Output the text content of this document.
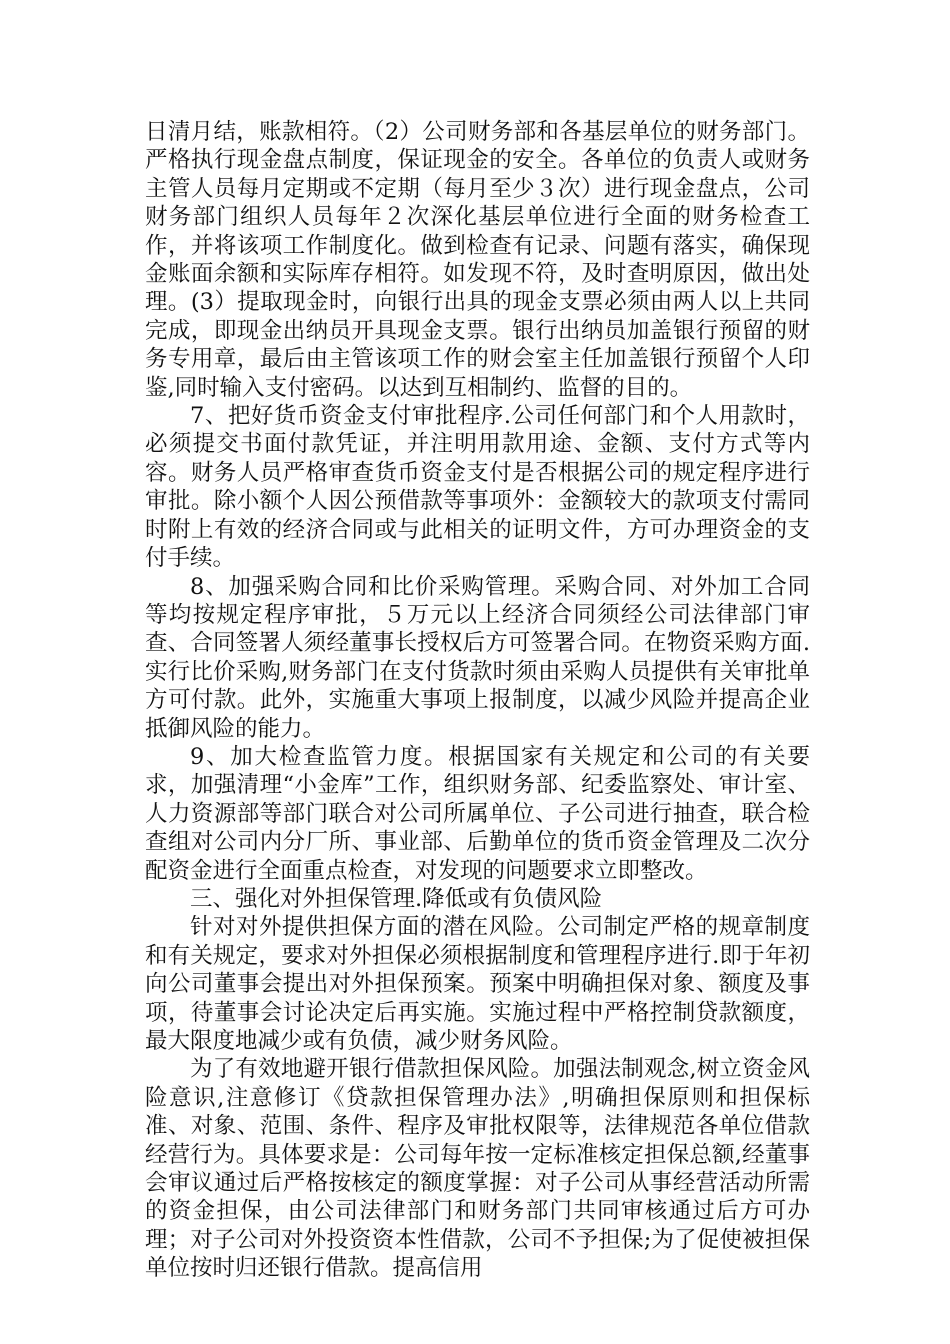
日清月结，账款相符。（2）公司财务部和各基层单位的财务部门。严格执行现金盘点制度，保证现金的安全。各单位的负责人或财务主管人员每月定期或不定期（每月至少３次）进行现金盘点，公司财务部门组织人员每年２次深化基层单位进行全面的财务检查工作，并将该项工作制度化。做到检查有记录、问题有落实，确保现金账面余额和实际库存相符。如发现不符，及时查明原因，做出处理。(3）提取现金时，向银行出具的现金支票必须由两人以上共同完成，即现金出纳员开具现金支票。银行出纳员加盖银行预留的财务专用章，最后由主管该项工作的财会室主任加盖银行预留个人印鉴,同时输入支付密码。以达到互相制约、监督的目的。

7、把好货币资金支付审批程序.公司任何部门和个人用款时，必须提交书面付款凭证，并注明用款用途、金额、支付方式等内容。财务人员严格审查货币资金支付是否根据公司的规定程序进行审批。除小额个人因公预借款等事项外：金额较大的款项支付需同时附上有效的经济合同或与此相关的证明文件，方可办理资金的支付手续。

8、加强采购合同和比价采购管理。采购合同、对外加工合同等均按规定程序审批，５万元以上经济合同须经公司法律部门审查、合同签署人须经董事长授权后方可签署合同。在物资采购方面.实行比价采购,财务部门在支付货款时须由采购人员提供有关审批单方可付款。此外，实施重大事项上报制度，以减少风险并提高企业抵御风险的能力。

9、加大检查监管力度。根据国家有关规定和公司的有关要求，加强清理“小金库”工作，组织财务部、纪委监察处、审计室、人力资源部等部门联合对公司所属单位、子公司进行抽查，联合检查组对公司内分厂所、事业部、后勤单位的货币资金管理及二次分配资金进行全面重点检查，对发现的问题要求立即整改。

三、强化对外担保管理.降低或有负债风险

针对对外提供担保方面的潜在风险。公司制定严格的规章制度和有关规定，要求对外担保必须根据制度和管理程序进行.即于年初向公司董事会提出对外担保预案。预案中明确担保对象、额度及事项，待董事会讨论决定后再实施。实施过程中严格控制贷款额度，最大限度地减少或有负债，减少财务风险。

为了有效地避开银行借款担保风险。加强法制观念,树立资金风险意识,注意修订《贷款担保管理办法》,明确担保原则和担保标准、对象、范围、条件、程序及审批权限等，法律规范各单位借款经营行为。具体要求是：公司每年按一定标准核定担保总额,经董事会审议通过后严格按核定的额度掌握：对子公司从事经营活动所需的资金担保，由公司法律部门和财务部门共同审核通过后方可办理；对子公司对外投资资本性借款，公司不予担保;为了促使被担保单位按时归还银行借款。提高信用
